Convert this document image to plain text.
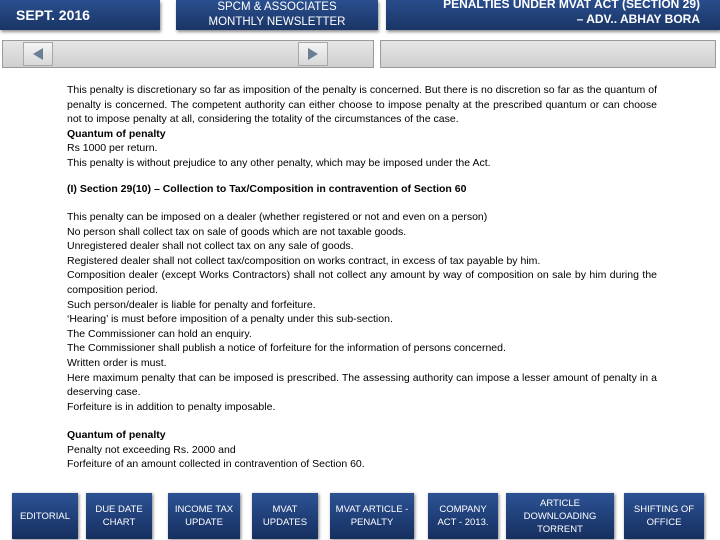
SEPT. 2016	SPCM & ASSOCIATES
MONTHLY NEWSLETTER
PENALTIES UNDER MVAT ACT (SECTION 29)
– ADV.. ABHAY BORA

This penalty is discretionary so far as imposition of the penalty is concerned. But there is no discretion so far as the quantum of penalty is concerned. The competent authority can either choose to impose penalty at the prescribed quantum or can choose not to impose penalty at all, considering the totality of the circumstances of the case.

Quantum of penalty

Rs 1000 per return.

This penalty is without prejudice to any other penalty, which may be imposed under the Act.

(I) Section 29(10) – Collection to Tax/Composition in contravention of Section 60

This penalty can be imposed on a dealer (whether registered or not and even on a person)

No person shall collect tax on sale of goods which are not taxable goods.

Unregistered dealer shall not collect tax on any sale of goods.

Registered dealer shall not collect tax/composition on works contract, in excess of tax payable by him.

Composition dealer (except Works Contractors) shall not collect any amount by way of composition on sale by him during the composition period.

Such person/dealer is liable for penalty and forfeiture.

‘Hearing’ is must before imposition of a penalty under this sub-section.

The Commissioner can hold an enquiry.

The Commissioner shall publish a notice of forfeiture for the information of persons concerned.

Written order is must.

Here maximum penalty that can be imposed is prescribed. The assessing authority can impose a lesser amount of penalty in a deserving case.

Forfeiture is in addition to penalty imposable.

Quantum of penalty

Penalty not exceeding Rs. 2000 and

Forfeiture of an amount collected in contravention of Section 60.

EDITORIAL
DUE DATE CHART
INCOME TAX UPDATE
MVAT UPDATES
MVAT ARTICLE - PENALTY
COMPANY ACT - 2013.
ARTICLE DOWNLOADING TORRENT
SHIFTING OF OFFICE
